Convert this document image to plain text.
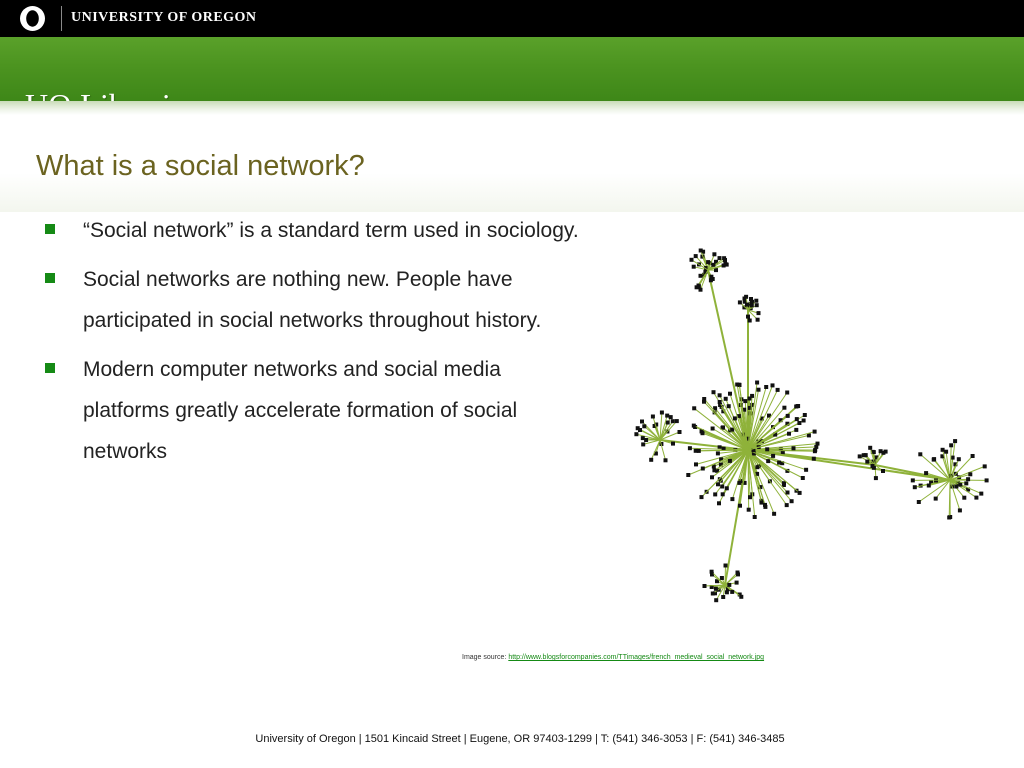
UNIVERSITY OF OREGON
What is a social network?
“Social network” is a standard term used in sociology.
Social networks are nothing new. People have participated in social networks throughout history.
Modern computer networks and social media platforms greatly accelerate formation of social networks
Image source: http://www.blogsforcompanies.com/TTimages/french_medieval_social_network.jpg
University of Oregon | 1501 Kincaid Street | Eugene, OR 97403-1299 | T: (541) 346-3053 | F: (541) 346-3485
